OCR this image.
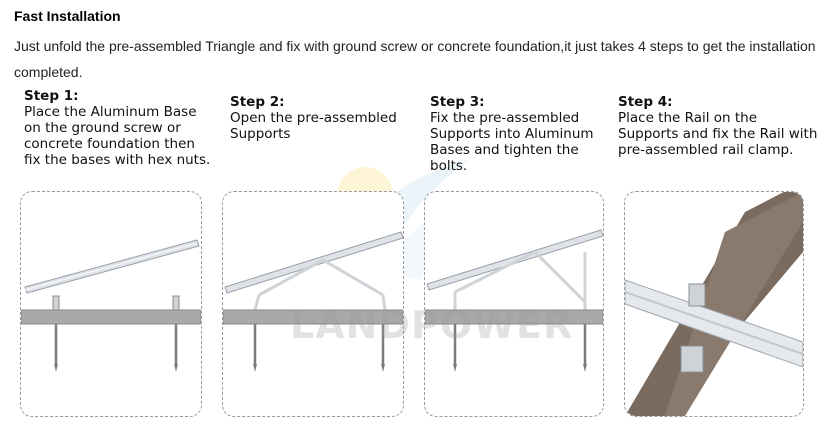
Fast Installation
Just unfold the pre-assembled Triangle and fix with ground screw or concrete foundation,it just takes 4 steps to get the installation completed.
Step 1:
Place the Aluminum Base
on the ground screw or
concrete foundation then
fix the bases with hex nuts.
Step 2:
Open the pre-assembled
Supports
Step 3:
Fix the pre-assembled
Supports into Aluminum
Bases and tighten the
bolts.
Step 4:
Place the Rail on the
Supports and fix the Rail with
pre-assembled rail clamp.
LANDPOWER
